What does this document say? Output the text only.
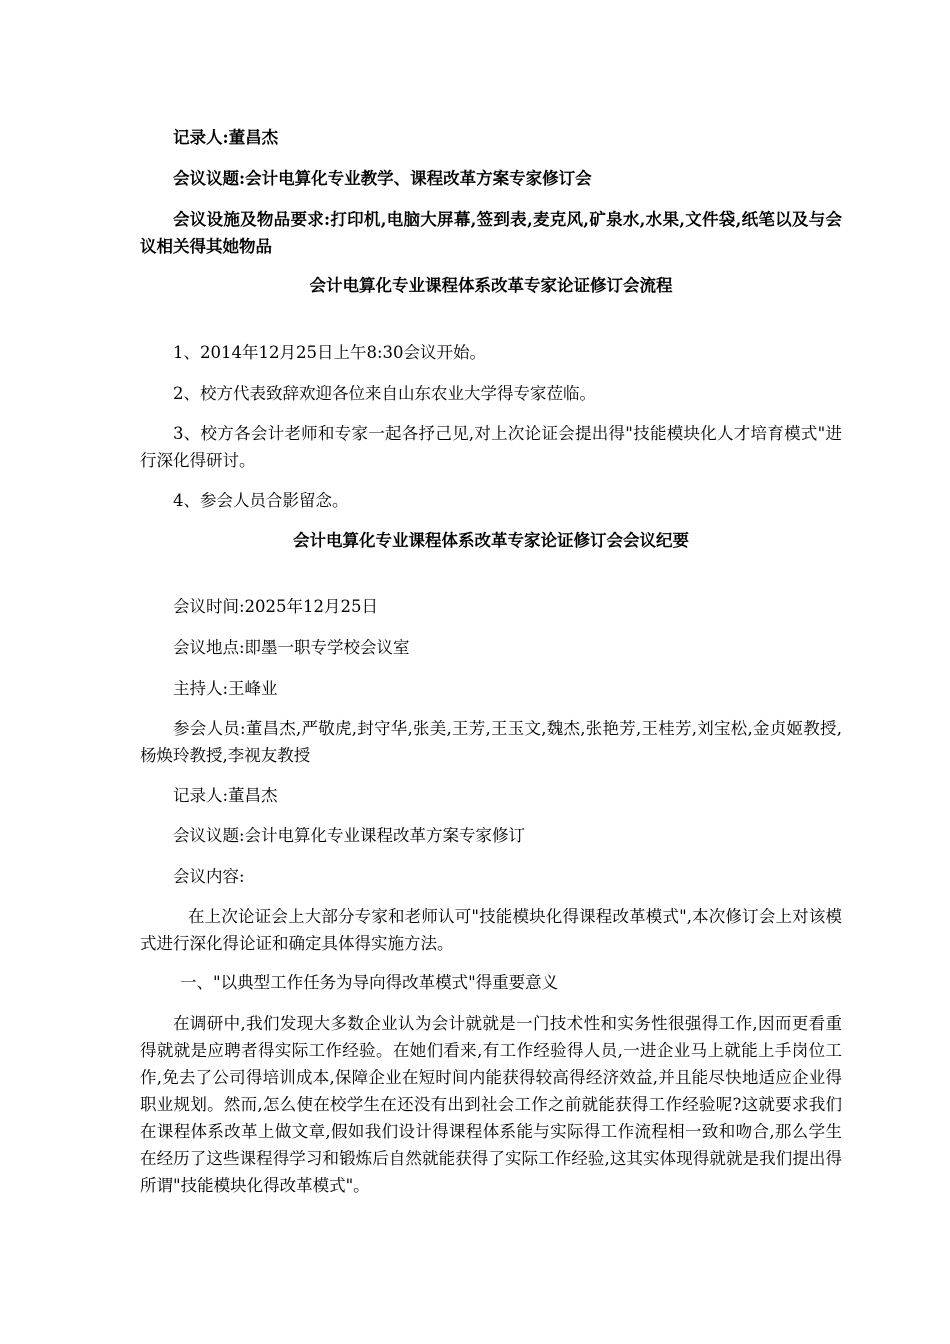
记录人:董昌杰

会议议题:会计电算化专业教学、课程改革方案专家修订会

会议设施及物品要求:打印机,电脑大屏幕,签到表,麦克风,矿泉水,水果,文件袋,纸笔以及与会议相关得其她物品

会计电算化专业课程体系改革专家论证修订会流程

1、2014年12月25日上午8:30会议开始。

2、校方代表致辞欢迎各位来自山东农业大学得专家莅临。

3、校方各会计老师和专家一起各抒己见,对上次论证会提出得"技能模块化人才培育模式"进行深化得研讨。

4、参会人员合影留念。

会计电算化专业课程体系改革专家论证修订会会议纪要

会议时间:2025年12月25日

会议地点:即墨一职专学校会议室

主持人:王峰业

参会人员:董昌杰,严敬虎,封守华,张美,王芳,王玉文,魏杰,张艳芳,王桂芳,刘宝松,金贞姬教授,杨焕玲教授,李视友教授

记录人:董昌杰

会议议题:会计电算化专业课程改革方案专家修订

会议内容:

在上次论证会上大部分专家和老师认可"技能模块化得课程改革模式",本次修订会上对该模式进行深化得论证和确定具体得实施方法。

一、"以典型工作任务为导向得改革模式"得重要意义

在调研中,我们发现大多数企业认为会计就就是一门技术性和实务性很强得工作,因而更看重得就就是应聘者得实际工作经验。在她们看来,有工作经验得人员,一进企业马上就能上手岗位工作,免去了公司得培训成本,保障企业在短时间内能获得较高得经济效益,并且能尽快地适应企业得职业规划。然而,怎么使在校学生在还没有出到社会工作之前就能获得工作经验呢?这就要求我们在课程体系改革上做文章,假如我们设计得课程体系能与实际得工作流程相一致和吻合,那么学生在经历了这些课程得学习和锻炼后自然就能获得了实际工作经验,这其实体现得就就是我们提出得所谓"技能模块化得改革模式"。
